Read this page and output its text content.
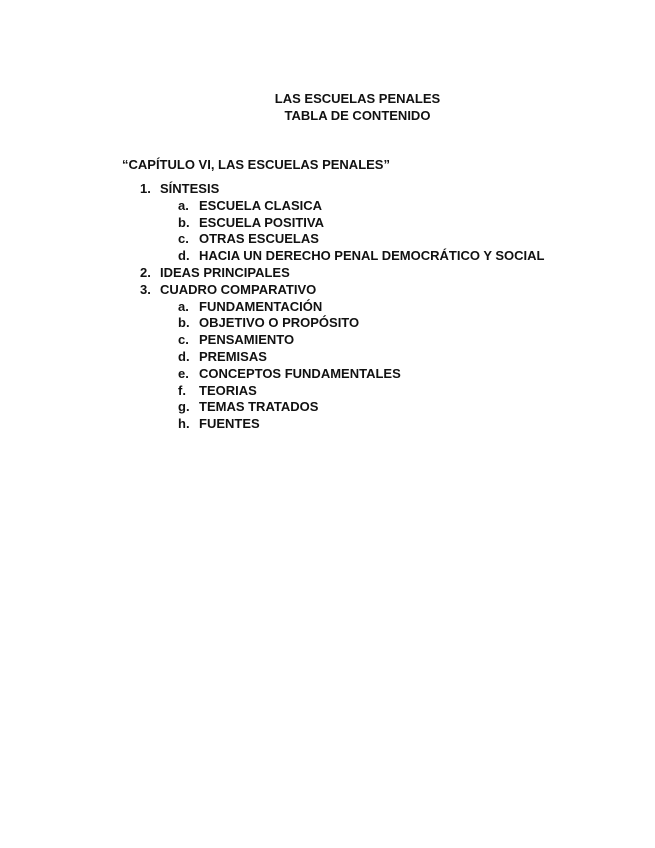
LAS ESCUELAS PENALES
TABLA DE CONTENIDO
“CAPÍTULO VI, LAS ESCUELAS PENALES”
1. SÍNTESIS
a. ESCUELA CLASICA
b. ESCUELA POSITIVA
c. OTRAS ESCUELAS
d. HACIA UN DERECHO PENAL DEMOCRÁTICO Y SOCIAL
2. IDEAS PRINCIPALES
3. CUADRO COMPARATIVO
a. FUNDAMENTACIÓN
b. OBJETIVO O PROPÓSITO
c. PENSAMIENTO
d. PREMISAS
e. CONCEPTOS FUNDAMENTALES
f. TEORIAS
g. TEMAS TRATADOS
h. FUENTES
